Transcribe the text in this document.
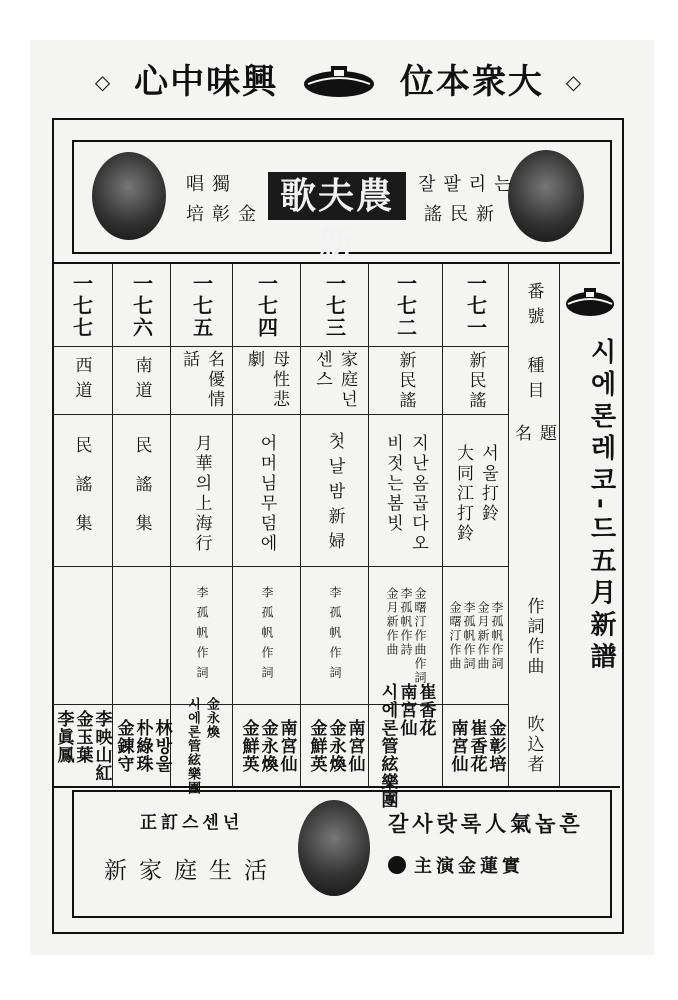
◇ 心中味興	位本衆大 ◇
唱獨
培彰金 歌夫農新
잘팔리는
謠民新
番號
種目
題名
作詞作曲
吹込者
一七一
新民謠
서울打鈴
大同江打鈴
李孤帆作詞
金月新作曲
李孤帆作詞
金曙汀作曲
金彰培
崔香花
南宮仙
一七二
新民謠
지난옴곱다오
비젓는봄빗
金曙汀作曲作詞
李孤帆作詩
金月新作曲
崔香花
南宮仙
시에론管絃樂團
一七三
家庭넌센스
첫날밤新婦
李孤帆作詞
南宮仙
金永煥
金鮮英
一七四
母性悲劇
어머님무덤에
李孤帆作詞
南宮仙
金永煥
金鮮英
一七五
名優情話
月華의上海行
李孤帆作詞
金永煥
시에론管絃樂團
一七六
南道
民謠集
林방울
朴綠珠
金錬守
一七七
西道
民謠集
李映山紅
金玉葉
李眞鳳
시에론레코-드五月新譜
正訂스센넌
新家庭生活
갈사랏록人氣놉흔
主演金蓮實
